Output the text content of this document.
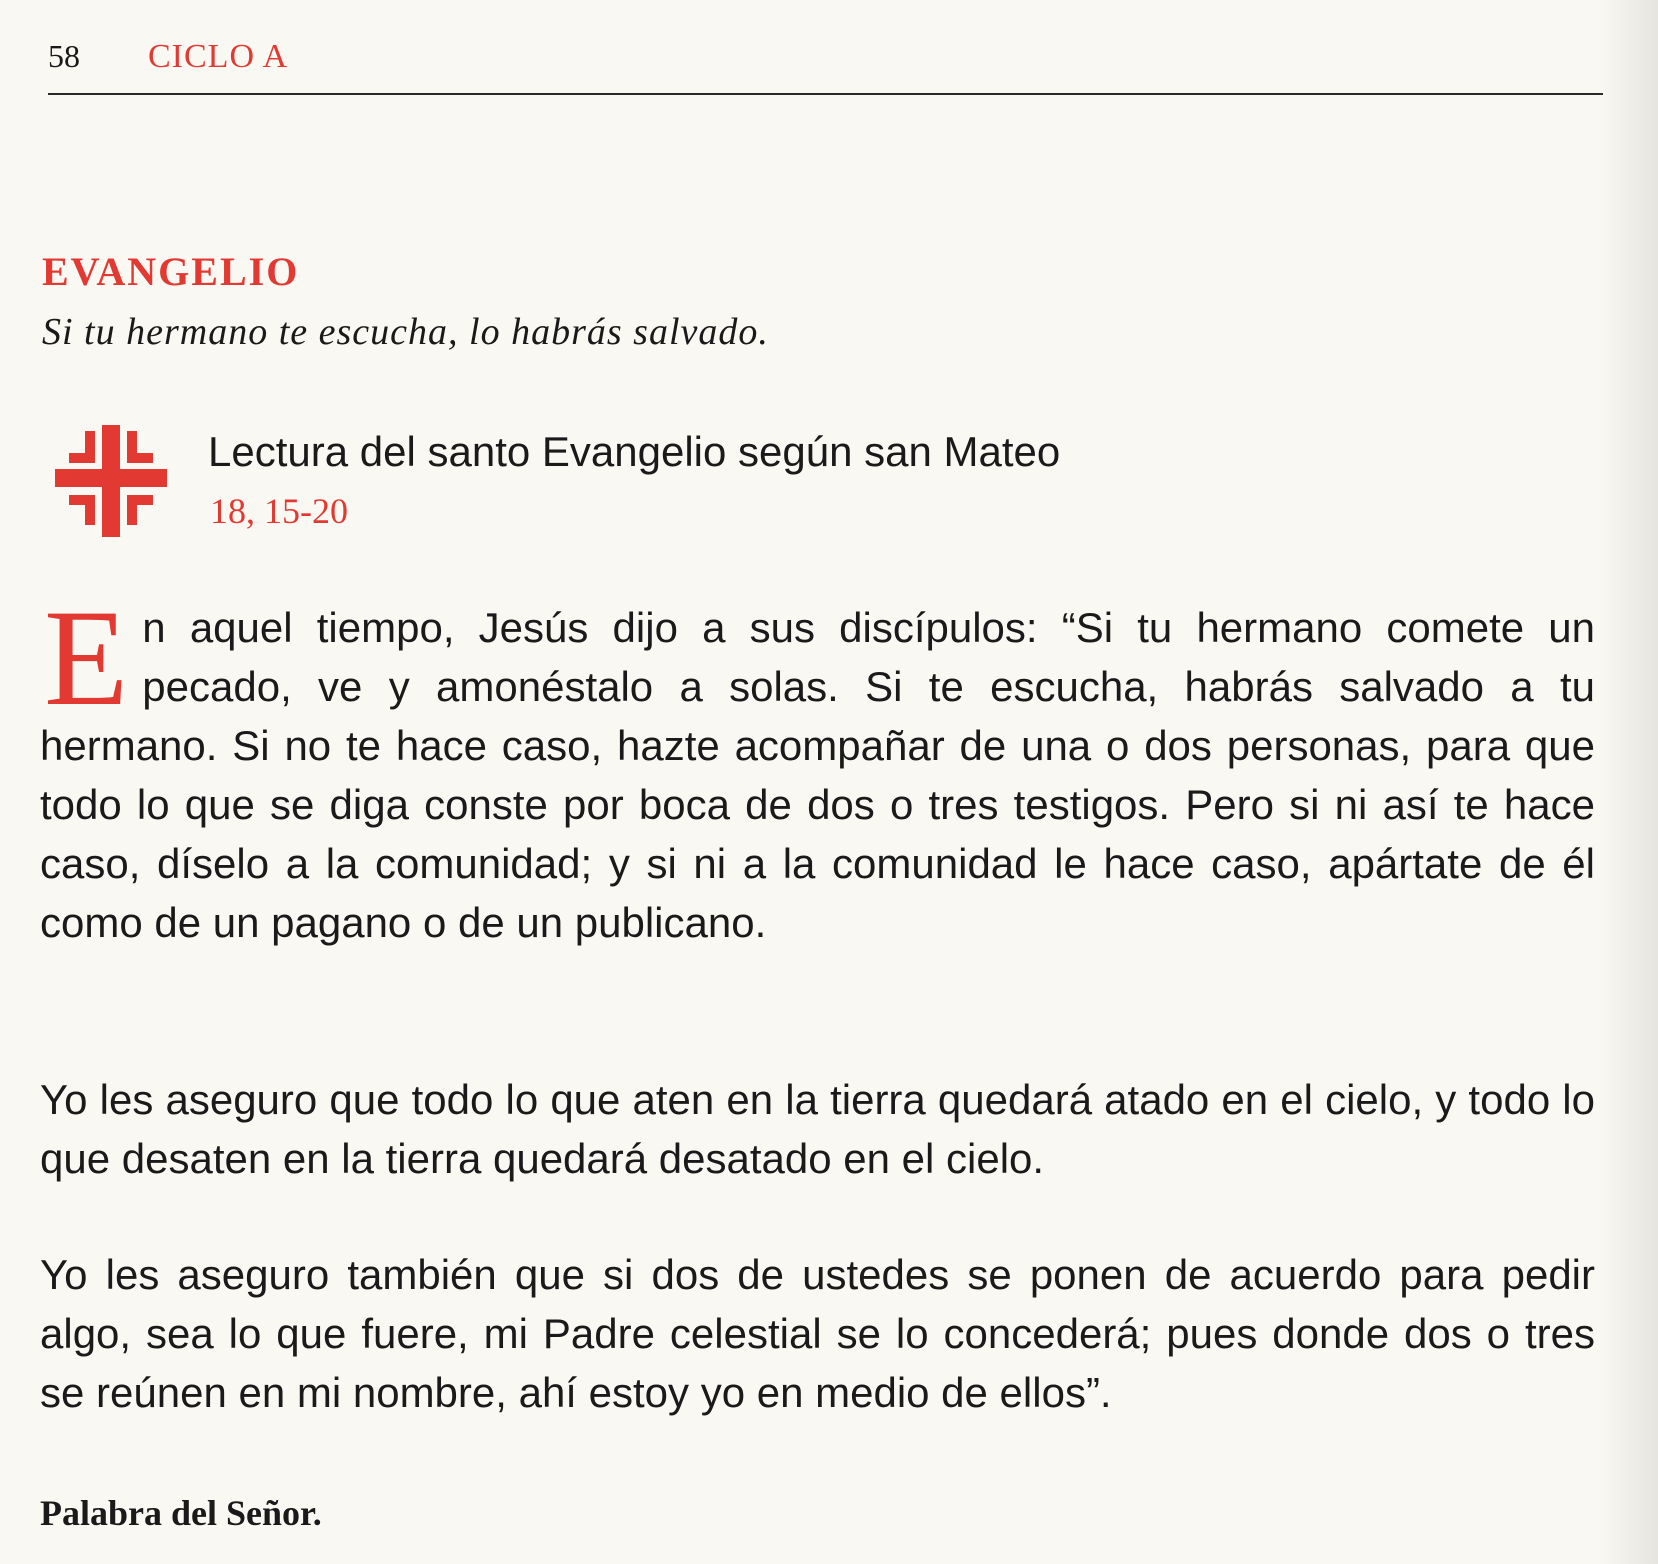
58	CICLO A
EVANGELIO
Si tu hermano te escucha, lo habrás salvado.
Lectura del santo Evangelio según san Mateo
18, 15-20
En aquel tiempo, Jesús dijo a sus discípulos: “Si tu hermano comete un pecado, ve y amonéstalo a solas. Si te escucha, habrás salvado a tu hermano. Si no te hace caso, hazte acompañar de una o dos personas, para que todo lo que se diga conste por boca de dos o tres testigos. Pero si ni así te hace caso, díselo a la comunidad; y si ni a la comunidad le hace caso, apártate de él como de un pagano o de un publicano.
Yo les aseguro que todo lo que aten en la tierra quedará atado en el cielo, y todo lo que desaten en la tierra quedará desatado en el cielo.
Yo les aseguro también que si dos de ustedes se ponen de acuerdo para pedir algo, sea lo que fuere, mi Padre celestial se lo concederá; pues donde dos o tres se reúnen en mi nombre, ahí estoy yo en medio de ellos”.
Palabra del Señor.
